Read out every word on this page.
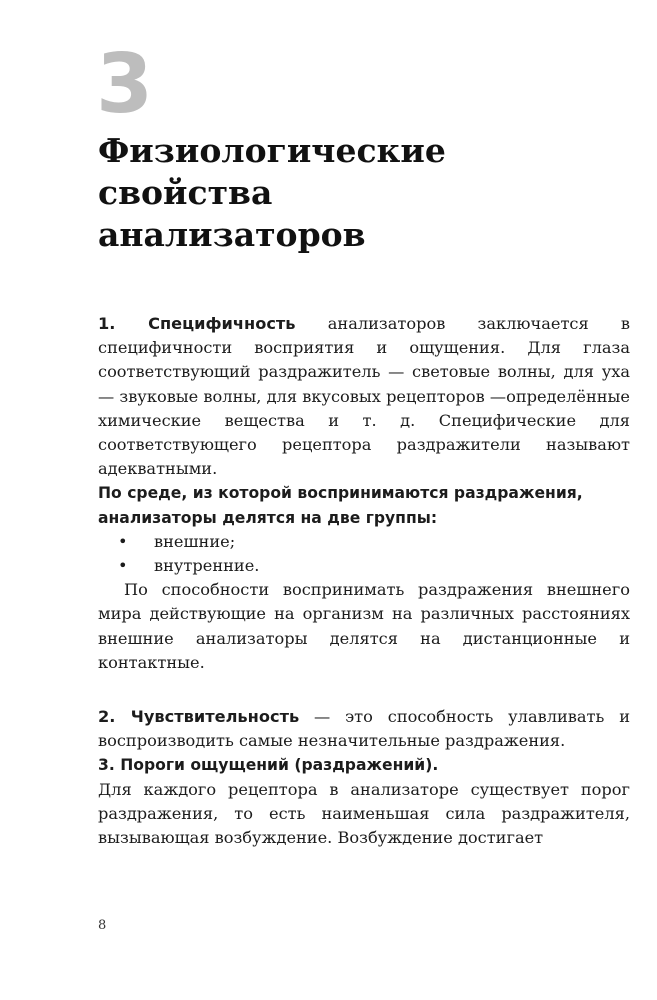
3
Физиологические
свойства
анализаторов

1. Специфичность анализаторов заключается в специфичности восприятия и ощущения. Для глаза соответствующий раздражитель — световые волны, для уха — звуковые волны, для вкусовых рецепторов —определённые химические вещества и т. д. Специфические для соответствующего рецептора раздражители называют адекватными.

По среде, из которой воспринимаются раздражения, анализаторы делятся на две группы:

• внешние;
• внутренние.

По способности воспринимать раздражения внешнего мира действующие на организм на различных расстояниях внешние анализаторы делятся на дистанционные и контактные.

2. Чувствительность — это способность улавливать и воспроизводить самые незначительные раздражения.

3. Пороги ощущений (раздражений).

Для каждого рецептора в анализаторе существует порог раздражения, то есть наименьшая сила раздражителя, вызывающая возбуждение. Возбуждение достигает

8
